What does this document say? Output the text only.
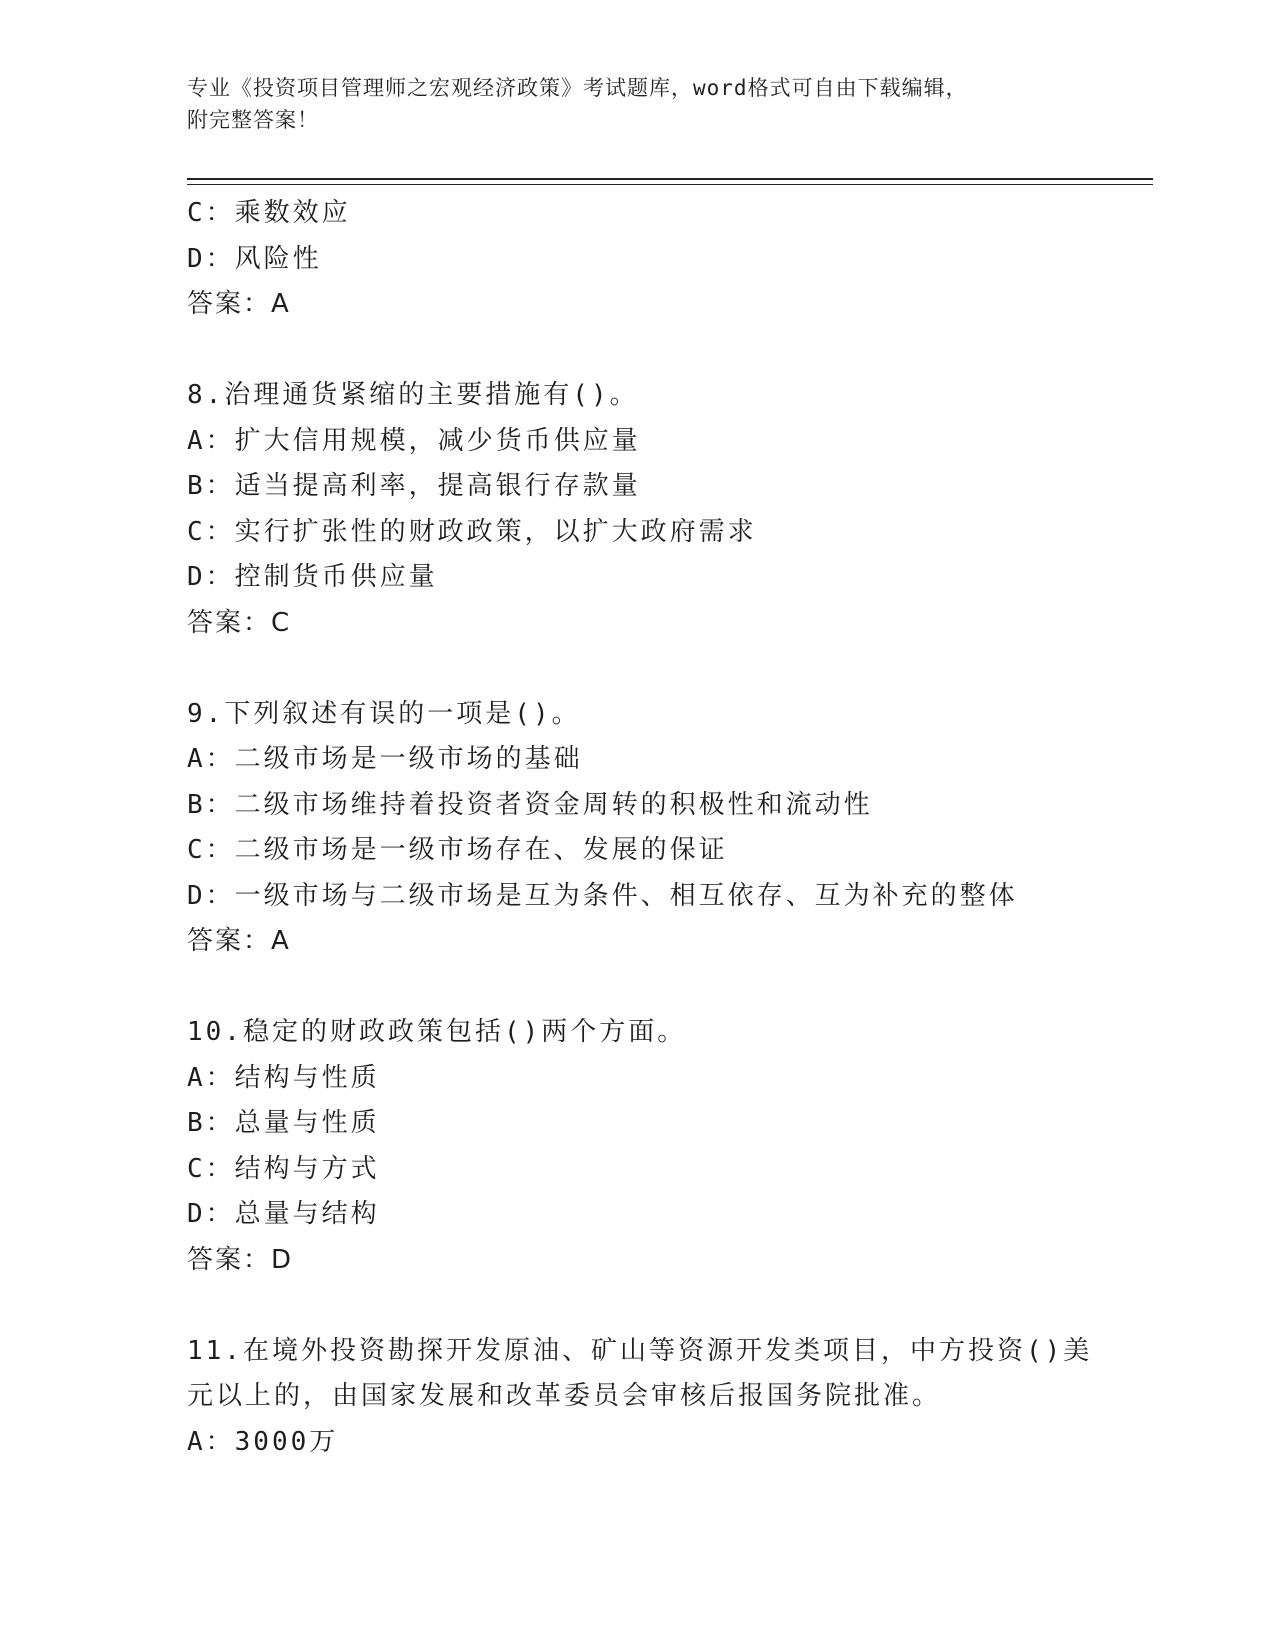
专业《投资项目管理师之宏观经济政策》考试题库，word格式可自由下载编辑，
附完整答案！
C：乘数效应
D：风险性
答案：A
8.治理通货紧缩的主要措施有()。
A：扩大信用规模，减少货币供应量
B：适当提高利率，提高银行存款量
C：实行扩张性的财政政策，以扩大政府需求
D：控制货币供应量
答案：C
9.下列叙述有误的一项是()。
A：二级市场是一级市场的基础
B：二级市场维持着投资者资金周转的积极性和流动性
C：二级市场是一级市场存在、发展的保证
D：一级市场与二级市场是互为条件、相互依存、互为补充的整体
答案：A
10.稳定的财政政策包括()两个方面。
A：结构与性质
B：总量与性质
C：结构与方式
D：总量与结构
答案：D
11.在境外投资勘探开发原油、矿山等资源开发类项目，中方投资()美
元以上的，由国家发展和改革委员会审核后报国务院批准。
A：3000万
